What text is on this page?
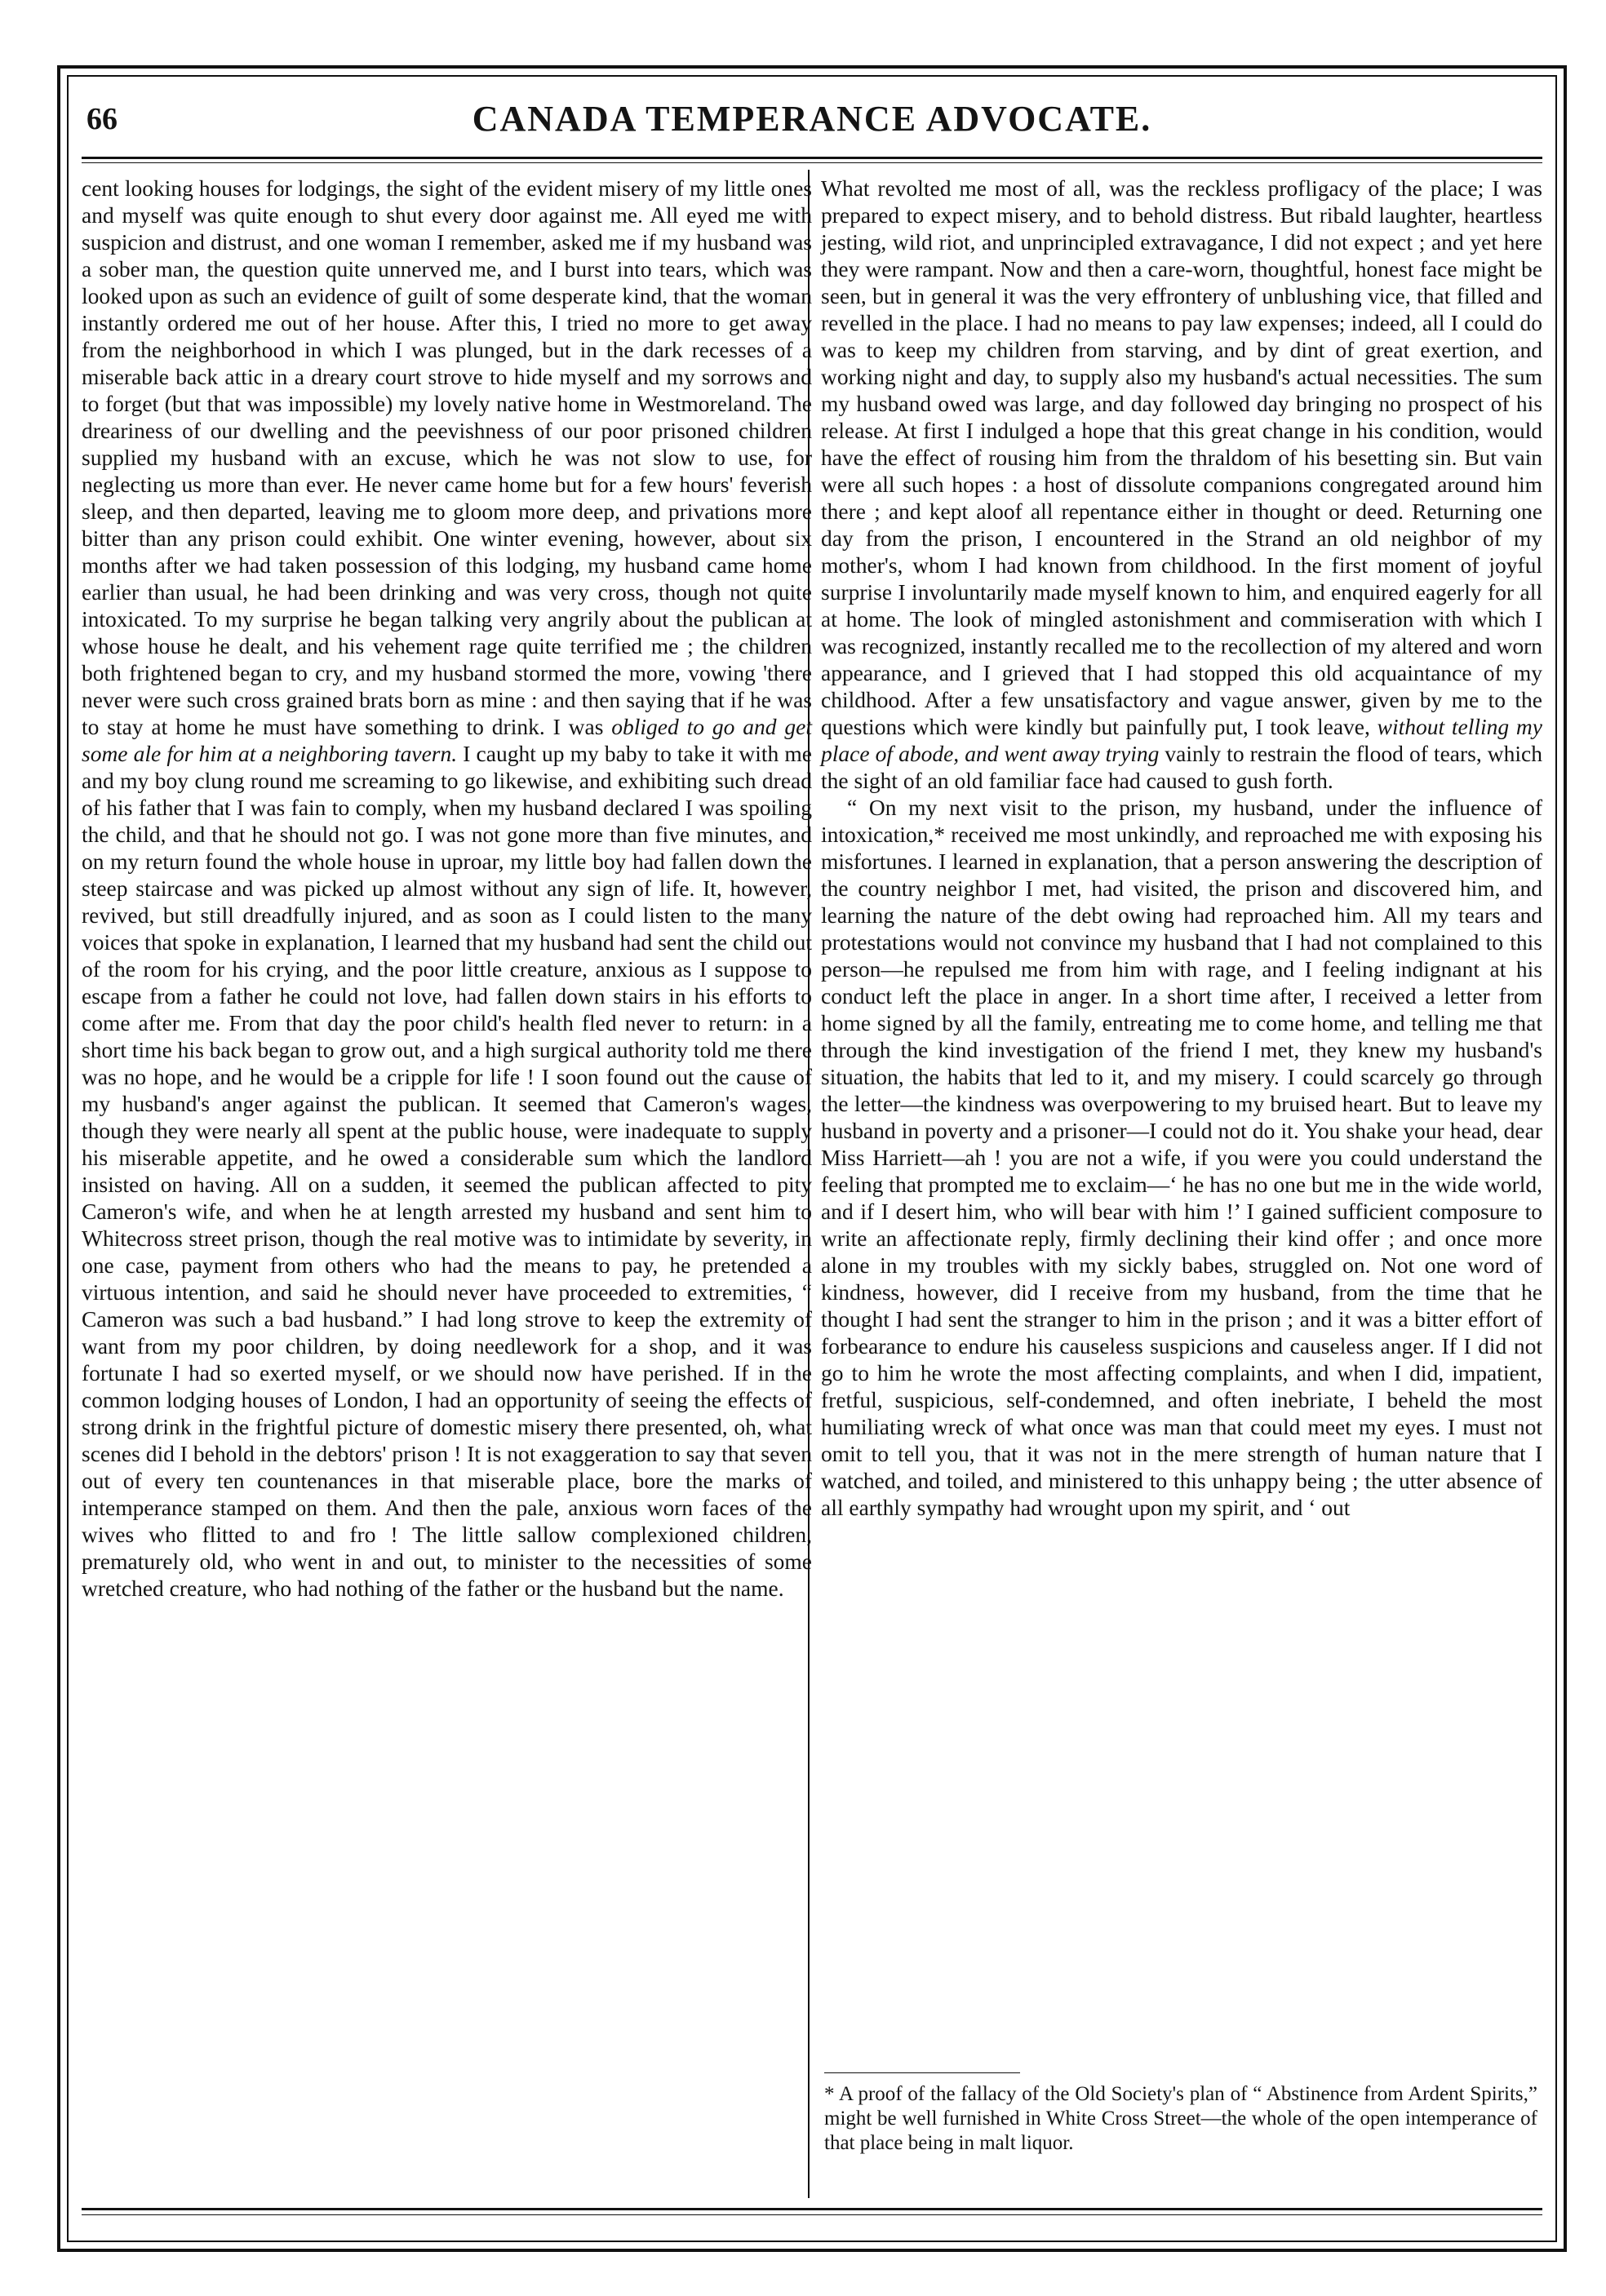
66	CANADA TEMPERANCE ADVOCATE.

cent looking houses for lodgings, the sight of the evident misery of my little ones and myself was quite enough to shut every door against me. All eyed me with suspicion and distrust, and one woman I remember, asked me if my husband was a sober man, the question quite unnerved me, and I burst into tears, which was looked upon as such an evidence of guilt of some desperate kind, that the woman instantly ordered me out of her house. After this, I tried no more to get away from the neighborhood in which I was plunged, but in the dark recesses of a miserable back attic in a dreary court strove to hide myself and my sorrows and to forget (but that was impossible) my lovely native home in Westmoreland. The dreariness of our dwelling and the peevishness of our poor prisoned children supplied my husband with an excuse, which he was not slow to use, for neglecting us more than ever. He never came home but for a few hours' feverish sleep, and then departed, leaving me to gloom more deep, and privations more bitter than any prison could exhibit. One winter evening, however, about six months after we had taken possession of this lodging, my husband came home earlier than usual, he had been drinking and was very cross, though not quite intoxicated. To my surprise he began talking very angrily about the publican at whose house he dealt, and his vehement rage quite terrified me ; the children both frightened began to cry, and my husband stormed the more, vowing 'there never were such cross grained brats born as mine : and then saying that if he was to stay at home he must have something to drink. I was obliged to go and get some ale for him at a neighboring tavern. I caught up my baby to take it with me and my boy clung round me screaming to go likewise, and exhibiting such dread of his father that I was fain to comply, when my husband declared I was spoiling the child, and that he should not go. I was not gone more than five minutes, and on my return found the whole house in uproar, my little boy had fallen down the steep staircase and was picked up almost without any sign of life. It, however, revived, but still dreadfully injured, and as soon as I could listen to the many voices that spoke in explanation, I learned that my husband had sent the child out of the room for his crying, and the poor little creature, anxious as I suppose to escape from a father he could not love, had fallen down stairs in his efforts to come after me. From that day the poor child's health fled never to return: in a short time his back began to grow out, and a high surgical authority told me there was no hope, and he would be a cripple for life ! I soon found out the cause of my husband's anger against the publican. It seemed that Cameron's wages, though they were nearly all spent at the public house, were inadequate to supply his miserable appetite, and he owed a considerable sum which the landlord insisted on having. All on a sudden, it seemed the publican affected to pity Cameron's wife, and when he at length arrested my husband and sent him to Whitecross street prison, though the real motive was to intimidate by severity, in one case, payment from others who had the means to pay, he pretended a virtuous intention, and said he should never have proceeded to extremities, “ Cameron was such a bad husband.” I had long strove to keep the extremity of want from my poor children, by doing needlework for a shop, and it was fortunate I had so exerted myself, or we should now have perished. If in the common lodging houses of London, I had an opportunity of seeing the effects of strong drink in the frightful picture of domestic misery there presented, oh, what scenes did I behold in the debtors' prison ! It is not exaggeration to say that seven out of every ten countenances in that miserable place, bore the marks of intemperance stamped on them. And then the pale, anxious worn faces of the wives who flitted to and fro ! The little sallow complexioned children, prematurely old, who went in and out, to minister to the necessities of some wretched creature, who had nothing of the father or the husband but the name.

What revolted me most of all, was the reckless profligacy of the place; I was prepared to expect misery, and to behold distress. But ribald laughter, heartless jesting, wild riot, and unprincipled extravagance, I did not expect ; and yet here they were rampant. Now and then a care-worn, thoughtful, honest face might be seen, but in general it was the very effrontery of unblushing vice, that filled and revelled in the place. I had no means to pay law expenses; indeed, all I could do was to keep my children from starving, and by dint of great exertion, and working night and day, to supply also my husband's actual necessities. The sum my husband owed was large, and day followed day bringing no prospect of his release. At first I indulged a hope that this great change in his condition, would have the effect of rousing him from the thraldom of his besetting sin. But vain were all such hopes : a host of dissolute companions congregated around him there ; and kept aloof all repentance either in thought or deed. Returning one day from the prison, I encountered in the Strand an old neighbor of my mother's, whom I had known from childhood. In the first moment of joyful surprise I involuntarily made myself known to him, and enquired eagerly for all at home. The look of mingled astonishment and commiseration with which I was recognized, instantly recalled me to the recollection of my altered and worn appearance, and I grieved that I had stopped this old acquaintance of my childhood. After a few unsatisfactory and vague answer, given by me to the questions which were kindly but painfully put, I took leave, without telling my place of abode, and went away trying vainly to restrain the flood of tears, which the sight of an old familiar face had caused to gush forth.

“ On my next visit to the prison, my husband, under the influence of intoxication,* received me most unkindly, and reproached me with exposing his misfortunes. I learned in explanation, that a person answering the description of the country neighbor I met, had visited, the prison and discovered him, and learning the nature of the debt owing had reproached him. All my tears and protestations would not convince my husband that I had not complained to this person—he repulsed me from him with rage, and I feeling indignant at his conduct left the place in anger. In a short time after, I received a letter from home signed by all the family, entreating me to come home, and telling me that through the kind investigation of the friend I met, they knew my husband's situation, the habits that led to it, and my misery. I could scarcely go through the letter—the kindness was overpowering to my bruised heart. But to leave my husband in poverty and a prisoner—I could not do it. You shake your head, dear Miss Harriett—ah ! you are not a wife, if you were you could understand the feeling that prompted me to exclaim—‘ he has no one but me in the wide world, and if I desert him, who will bear with him !’ I gained sufficient composure to write an affectionate reply, firmly declining their kind offer ; and once more alone in my troubles with my sickly babes, struggled on. Not one word of kindness, however, did I receive from my husband, from the time that he thought I had sent the stranger to him in the prison ; and it was a bitter effort of forbearance to endure his causeless suspicions and causeless anger. If I did not go to him he wrote the most affecting complaints, and when I did, impatient, fretful, suspicious, self-condemned, and often inebriate, I beheld the most humiliating wreck of what once was man that could meet my eyes. I must not omit to tell you, that it was not in the mere strength of human nature that I watched, and toiled, and ministered to this unhappy being ; the utter absence of all earthly sympathy had wrought upon my spirit, and ‘ out

* A proof of the fallacy of the Old Society's plan of “ Abstinence from Ardent Spirits,” might be well furnished in White Cross Street—the whole of the open intemperance of that place being in malt liquor.
